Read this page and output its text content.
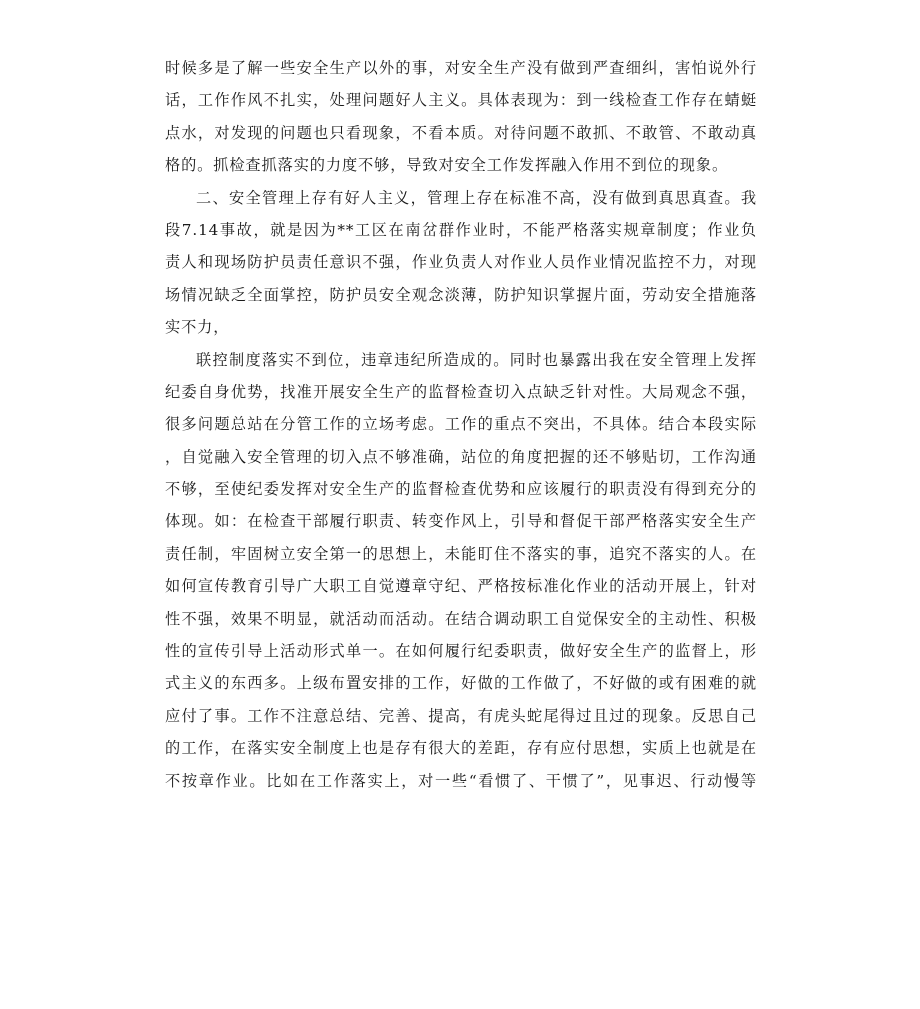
时候多是了解一些安全生产以外的事，对安全生产没有做到严查细纠，害怕说外行
话，工作作风不扎实，处理问题好人主义。具体表现为：到一线检查工作存在蜻蜓
点水，对发现的问题也只看现象，不看本质。对待问题不敢抓、不敢管、不敢动真
格的。抓检查抓落实的力度不够，导致对安全工作发挥融入作用不到位的现象。
二、安全管理上存有好人主义，管理上存在标准不高，没有做到真思真查。我
段7.14事故，就是因为**工区在南岔群作业时，不能严格落实规章制度；作业负
责人和现场防护员责任意识不强，作业负责人对作业人员作业情况监控不力，对现
场情况缺乏全面掌控，防护员安全观念淡薄，防护知识掌握片面，劳动安全措施落
实不力，
联控制度落实不到位，违章违纪所造成的。同时也暴露出我在安全管理上发挥
纪委自身优势，找准开展安全生产的监督检查切入点缺乏针对性。大局观念不强，
很多问题总站在分管工作的立场考虑。工作的重点不突出，不具体。结合本段实际
，自觉融入安全管理的切入点不够准确，站位的角度把握的还不够贴切，工作沟通
不够，至使纪委发挥对安全生产的监督检查优势和应该履行的职责没有得到充分的
体现。如：在检查干部履行职责、转变作风上，引导和督促干部严格落实安全生产
责任制，牢固树立安全第一的思想上，未能盯住不落实的事，追究不落实的人。在
如何宣传教育引导广大职工自觉遵章守纪、严格按标准化作业的活动开展上，针对
性不强，效果不明显，就活动而活动。在结合调动职工自觉保安全的主动性、积极
性的宣传引导上活动形式单一。在如何履行纪委职责，做好安全生产的监督上，形
式主义的东西多。上级布置安排的工作，好做的工作做了，不好做的或有困难的就
应付了事。工作不注意总结、完善、提高，有虎头蛇尾得过且过的现象。反思自己
的工作，在落实安全制度上也是存有很大的差距，存有应付思想，实质上也就是在
不按章作业。比如在工作落实上，对一些“看惯了、干惯了”，见事迟、行动慢等
